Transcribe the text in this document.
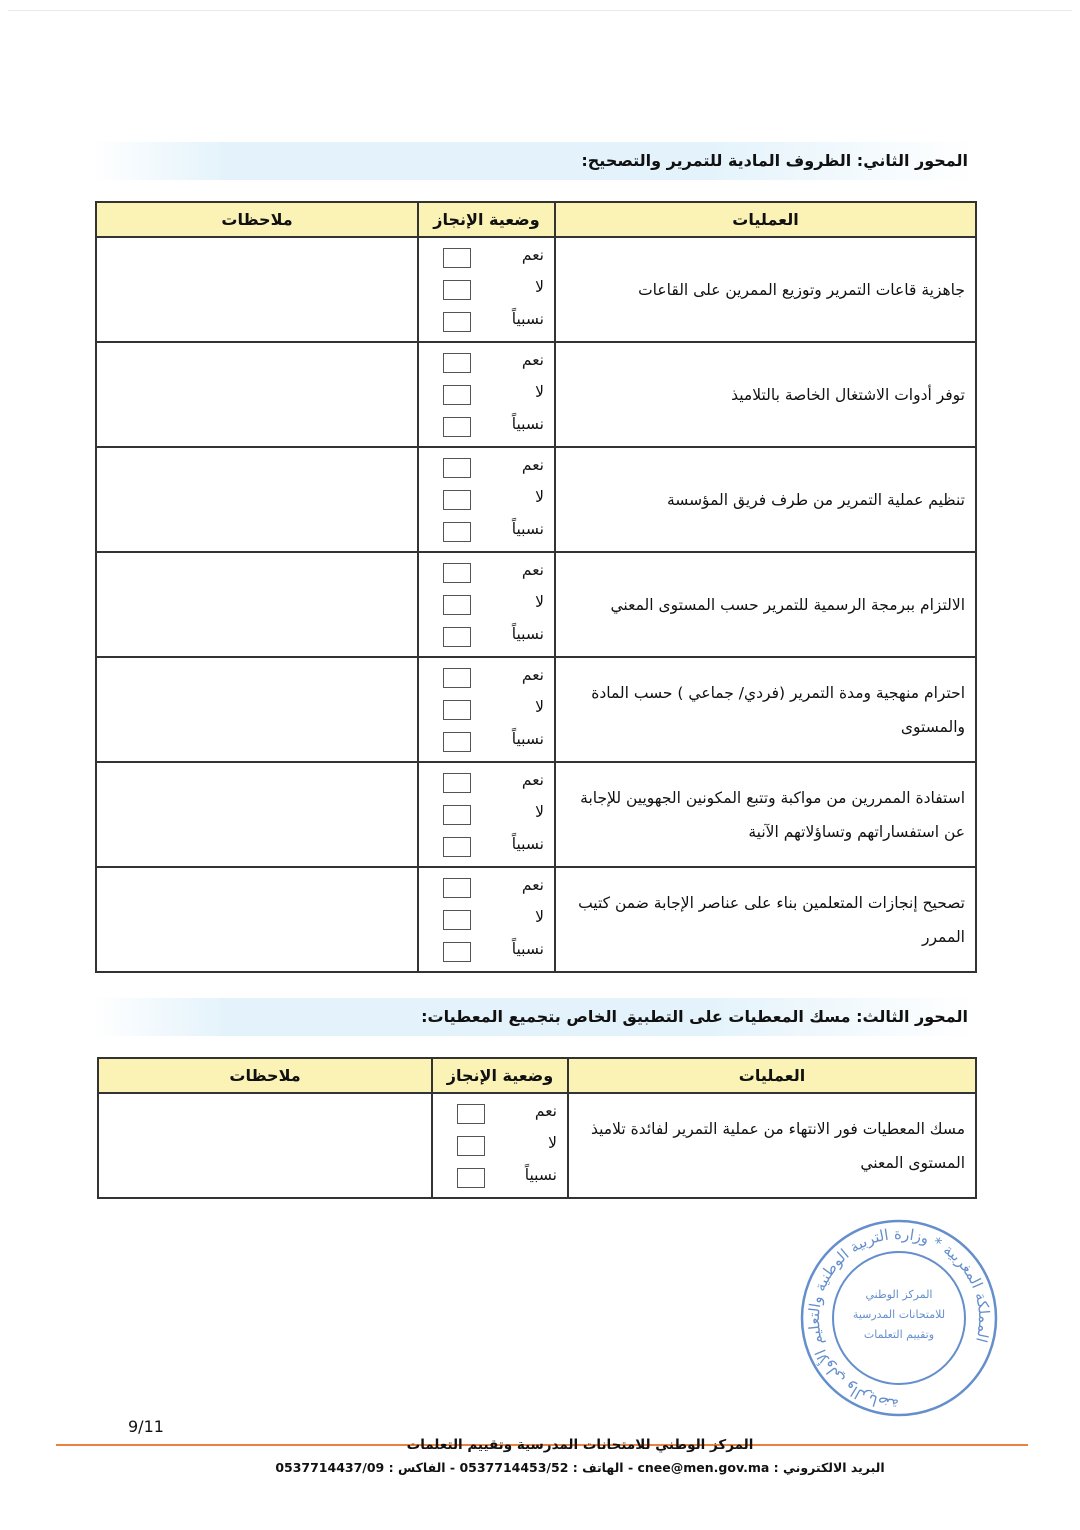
المحور الثاني: الظروف المادية للتمرير والتصحيح:
ملاحظات	وضعية الإنجاز	العمليات

	نعم
لا
نسبياً	جاهزية قاعات التمرير وتوزيع الممرين على القاعات

	نعم
لا
نسبياً	توفر أدوات الاشتغال الخاصة بالتلاميذ

	نعم
لا
نسبياً	تنظيم عملية التمرير من طرف فريق المؤسسة

	نعم
لا
نسبياً	الالتزام ببرمجة الرسمية للتمرير حسب المستوى المعني

	نعم
لا
نسبياً	احترام منهجية ومدة التمرير (فردي/ جماعي ) حسب المادة والمستوى

	نعم
لا
نسبياً	استفادة الممررين من مواكبة وتتبع المكونين الجهويين للإجابة عن استفساراتهم وتساؤلاتهم الآنية

	نعم
لا
نسبياً	تصحيح إنجازات المتعلمين بناء على عناصر الإجابة ضمن كتيب الممرر
المحور الثالث: مسك المعطيات على التطبيق الخاص بتجميع المعطيات:
ملاحظات	وضعية الإنجاز	العمليات

	نعم
لا
نسبياً	مسك المعطيات فور الانتهاء من عملية التمرير لفائدة تلاميذ المستوى المعني
المملكة المغربية * وزارة التربية الوطنية والتعليم الأولي والرياضة
المركز الوطني
للامتحانات المدرسية
وتقييم التعلمات
9/11
المركز الوطني للامتحانات المدرسية وتقييم التعلمات
البريد الالكتروني : cnee@men.gov.ma - الهاتف : 0537714453/52 - الفاكس : 0537714437/09
